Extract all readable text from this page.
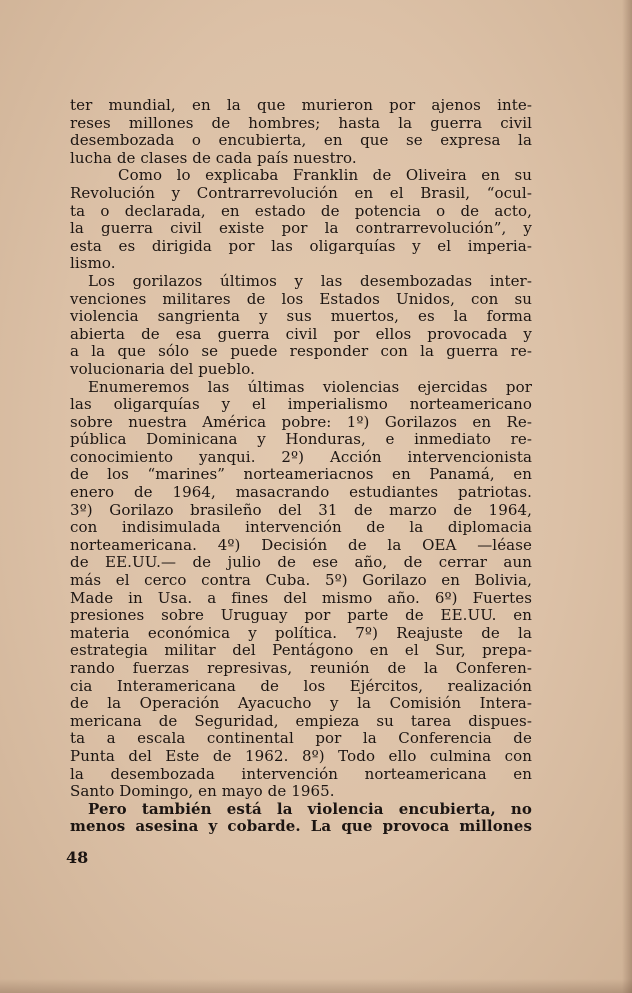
ter mundial, en la que murieron por ajenos inte-
reses millones de hombres; hasta la guerra civil
desembozada o encubierta, en que se expresa la
lucha de clases de cada país nuestro.
Como lo explicaba Franklin de Oliveira en su
Revolución y Contrarrevolución en el Brasil, “ocul-
ta o declarada, en estado de potencia o de acto,
la guerra civil existe por la contrarrevolución”, y
esta es dirigida por las oligarquías y el imperia-
lismo.
Los gorilazos últimos y las desembozadas inter-
venciones militares de los Estados Unidos, con su
violencia sangrienta y sus muertos, es la forma
abierta de esa guerra civil por ellos provocada y
a la que sólo se puede responder con la guerra re-
volucionaria del pueblo.
Enumeremos las últimas violencias ejercidas por
las oligarquías y el imperialismo norteamericano
sobre nuestra América pobre: 1º) Gorilazos en Re-
pública Dominicana y Honduras, e inmediato re-
conocimiento yanqui. 2º) Acción intervencionista
de los “marines” norteameriacnos en Panamá, en
enero de 1964, masacrando estudiantes patriotas.
3º) Gorilazo brasileño del 31 de marzo de 1964,
con indisimulada intervención de la diplomacia
norteamericana. 4º) Decisión de la OEA —léase
de EE.UU.— de julio de ese año, de cerrar aun
más el cerco contra Cuba. 5º) Gorilazo en Bolivia,
Made in Usa. a fines del mismo año. 6º) Fuertes
presiones sobre Uruguay por parte de EE.UU. en
materia económica y política. 7º) Reajuste de la
estrategia militar del Pentágono en el Sur, prepa-
rando fuerzas represivas, reunión de la Conferen-
cia Interamericana de los Ejércitos, realización
de la Operación Ayacucho y la Comisión Intera-
mericana de Seguridad, empieza su tarea dispues-
ta a escala continental por la Conferencia de
Punta del Este de 1962. 8º) Todo ello culmina con
la desembozada intervención norteamericana en
Santo Domingo, en mayo de 1965.
Pero también está la violencia encubierta, no
menos asesina y cobarde. La que provoca millones
48
